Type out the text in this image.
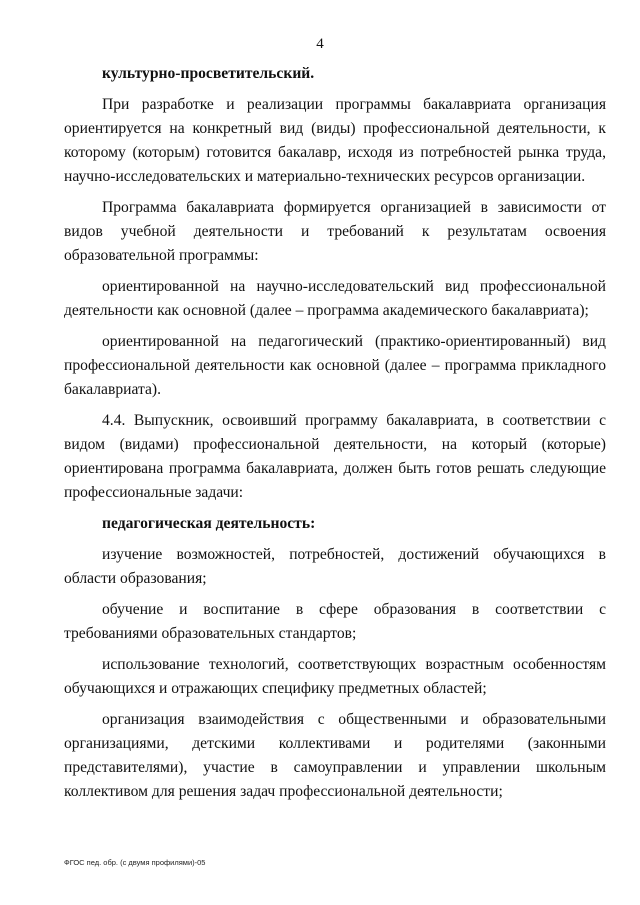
4

культурно-просветительский.

При разработке и реализации программы бакалавриата организация ориентируется на конкретный вид (виды) профессиональной деятельности, к которому (которым) готовится бакалавр, исходя из потребностей рынка труда, научно-исследовательских и материально-технических ресурсов организации.

Программа бакалавриата формируется организацией в зависимости от видов учебной деятельности и требований к результатам освоения образовательной программы:

ориентированной на научно-исследовательский вид профессиональной деятельности как основной (далее – программа академического бакалавриата);

ориентированной на педагогический (практико-ориентированный) вид профессиональной деятельности как основной (далее – программа прикладного бакалавриата).

4.4. Выпускник, освоивший программу бакалавриата, в соответствии с видом (видами) профессиональной деятельности, на который (которые) ориентирована программа бакалавриата, должен быть готов решать следующие профессиональные задачи:

педагогическая деятельность:

изучение возможностей, потребностей, достижений обучающихся в области образования;

обучение и воспитание в сфере образования в соответствии с требованиями образовательных стандартов;

использование технологий, соответствующих возрастным особенностям обучающихся и отражающих специфику предметных областей;

организация взаимодействия с общественными и образовательными организациями, детскими коллективами и родителями (законными представителями), участие в самоуправлении и управлении школьным коллективом для решения задач профессиональной деятельности;

ФГОС пед. обр. (с двумя профилями)-05
